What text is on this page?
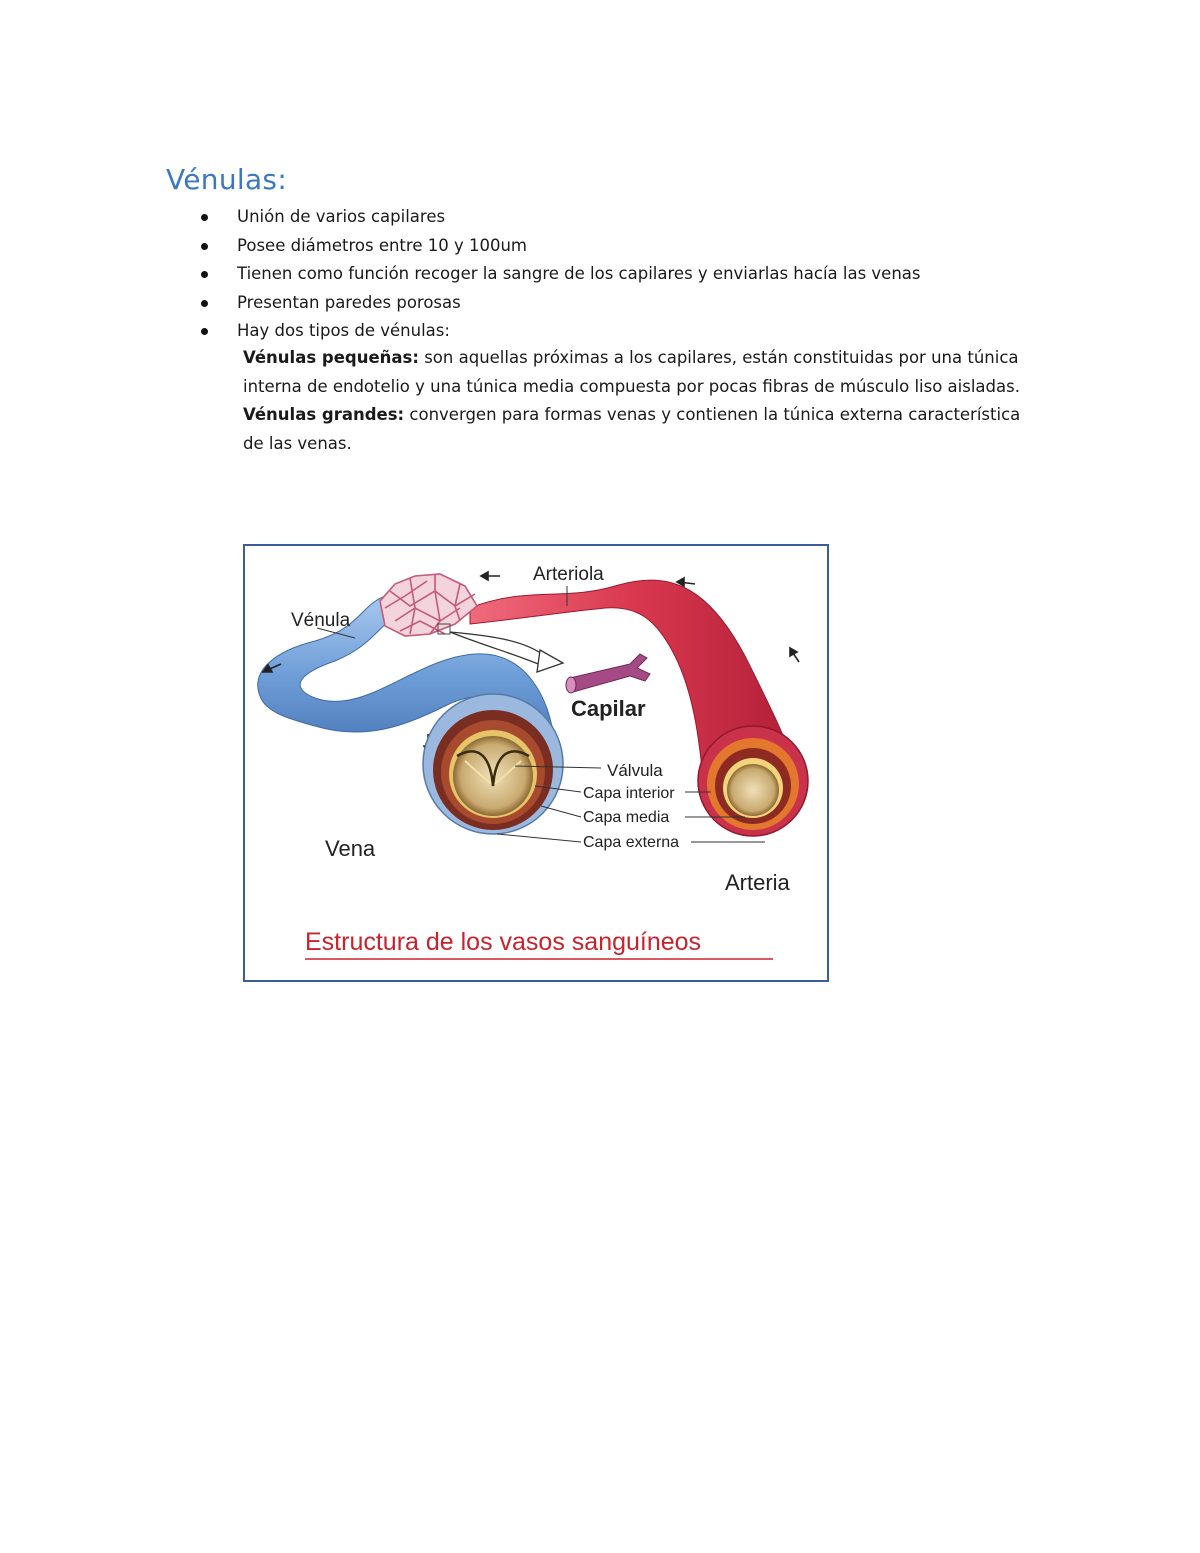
Vénulas:
Unión de varios capilares
Posee diámetros entre 10 y 100um
Tienen como función recoger la sangre de los capilares y enviarlas hacía las venas
Presentan paredes porosas
Hay dos tipos de vénulas:

Vénulas pequeñas: son aquellas próximas a los capilares, están constituidas por una túnica interna de endotelio y una túnica media compuesta por pocas fibras de músculo liso aisladas.

Vénulas grandes: convergen para formas venas y contienen la túnica externa característica de las venas.

Arteriola
Vénula
Capilar
Válvula
Capa interior
Capa media
Capa externa
Vena
Arteria
Estructura de los vasos sanguíneos
